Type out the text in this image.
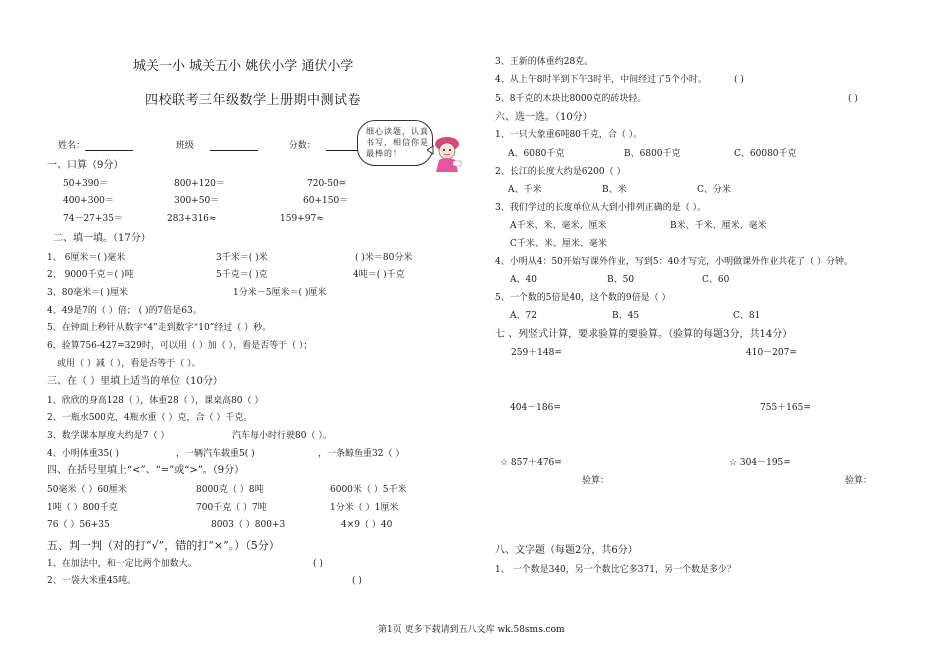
城关一小 城关五小 姚伏小学 通伏小学
四校联考三年级数学上册期中测试卷
姓名：	班级	分数：
细心读题，认真书写，相信你是最棒的！
一、口算（9分）
50+390＝	800+120＝	720-50=
400+300＝	300+50＝	60+150＝
74－27+35＝	283+316≈	159+97≈
二、填一填。（17分）
1、 6厘米＝( )毫米	3千米＝( )米	( )米＝80分米
2、 9000千克＝( )吨	5千克＝( )克	4吨＝( )千克
3、80毫米＝( )厘米	1分米－5厘米＝( )厘米
4、49是7的（ ）倍； ( )的7倍是63。
5、在钟面上秒针从数字“4”走到数字“10”经过（ ）秒。
6、验算756-427=329时，可以用（ ）加（ ），看是否等于（ ）；
或用（ ）减（ ），看是否等于（ ）。
三、在（ ）里填上适当的单位（10分）
1、欣欣的身高128（ ），体重28（ ），课桌高80（ ）
2、一瓶水500克，4瓶水重（ ）克，合（ ）千克。
3、数学课本厚度大约是7（ ）	汽车每小时行驶80（ ）。
4、小明体重35( )	，一辆汽车载重5( )	，一条鲸鱼重32（ ）
四、在括号里填上“<”、“=”或“>”。（9分）
50毫米（ ）60厘米	8000克（ ）8吨	6000米（ ）5千米
1吨（ ）800千克	700千克（ ）7吨	1分米（ ）1厘米
76（ ）56+35	8003（ ）800+3	4×9（ ）40
五、判一判（对的打“√”，错的打“×”。）（5分）
1、在加法中，和一定比两个加数大。	( )
2、一袋大米重45吨。	( )
3、王新的体重约28克。
4、从上午8时半到下午3时半，中间经过了5个小时。	( )
5、8千克的木块比8000克的砖块轻。	( )
六、选一选。（10分）
1、一只大象重6吨80千克，合（ ）。
A、6080千克	B、6800千克	C、60080千克
2、长江的长度大约是6200（ ）
A、千米	B、米	C、分米
3、我们学过的长度单位从大到小排列正确的是（ ）。
A千米、米、毫米、厘米	B米、千米、厘米、毫米
C千米、米、厘米、毫米
4、小明从4：50开始写课外作业，写到5：40才写完，小明做课外作业共花了（ ）分钟。
A、40	B、50	C、60
5、一个数的5倍是40，这个数的9倍是（ ）
A、72	B、45	C、81
七 、列竖式计算，要求验算的要验算。（验算的每题3分，共14分）
259＋148=	410－207=
404－186=	755＋165=
☆ 857＋476=	☆ 304－195=
验算：	验算：
八、文字题（每题2分，共6分）
1、 一个数是340，另一个数比它多371，另一个数是多少？
第1页 更多下载请到五八文库 wk.58sms.com
